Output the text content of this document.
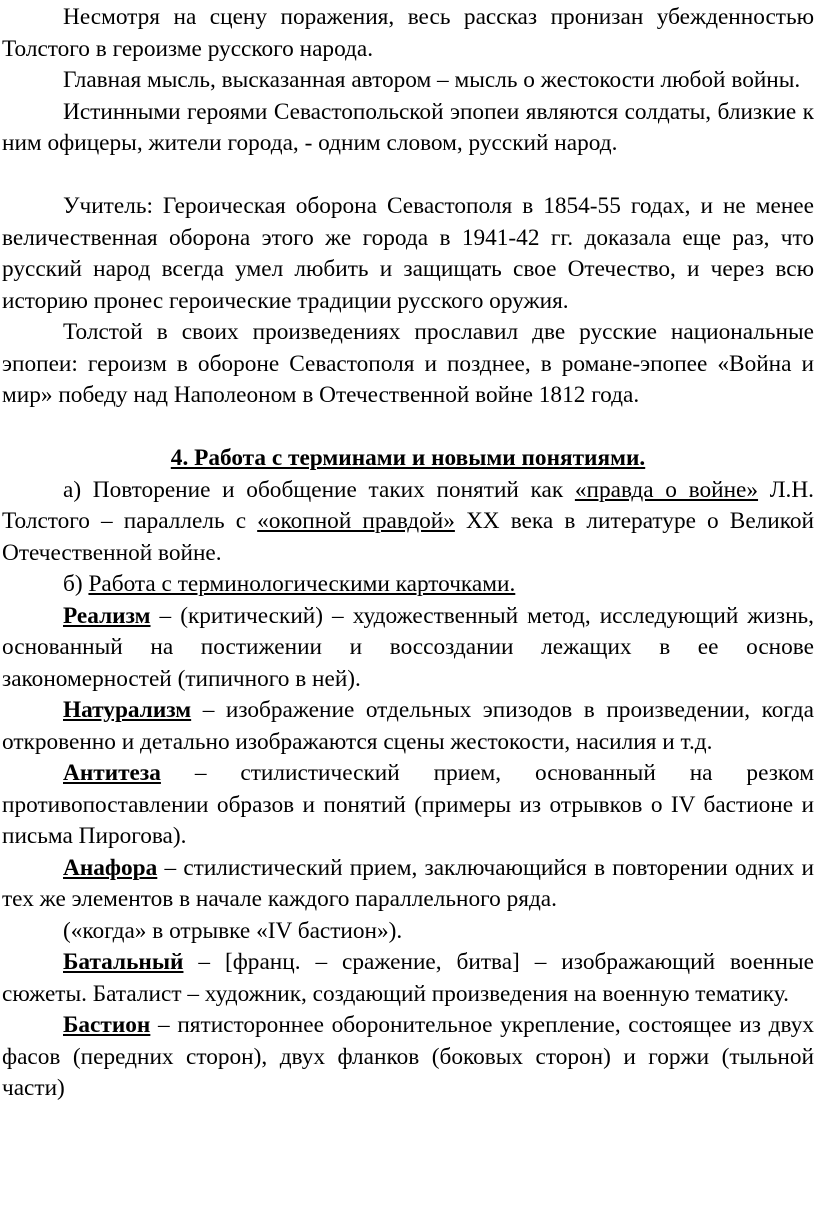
Несмотря на сцену поражения, весь рассказ пронизан убежденностью Толстого в героизме русского народа.

Главная мысль, высказанная автором – мысль о жестокости любой войны.

Истинными героями Севастопольской эпопеи являются солдаты, близкие к ним офицеры, жители города, - одним словом, русский народ.

Учитель: Героическая оборона Севастополя в 1854-55 годах, и не менее величественная оборона этого же города в 1941-42 гг. доказала еще раз, что русский народ всегда умел любить и защищать свое Отечество, и через всю историю пронес героические традиции русского оружия.

Толстой в своих произведениях прославил две русские национальные эпопеи: героизм в обороне Севастополя и позднее, в романе-эпопее «Война и мир» победу над Наполеоном в Отечественной войне 1812 года.

4. Работа с терминами и новыми понятиями.

а) Повторение и обобщение таких понятий как «правда о войне» Л.Н. Толстого – параллель с «окопной правдой» XX века в литературе о Великой Отечественной войне.

б) Работа с терминологическими карточками.

Реализм – (критический) – художественный метод, исследующий жизнь, основанный на постижении и воссоздании лежащих в ее основе закономерностей (типичного в ней).

Натурализм – изображение отдельных эпизодов в произведении, когда откровенно и детально изображаются сцены жестокости, насилия и т.д.

Антитеза – стилистический прием, основанный на резком противопоставлении образов и понятий (примеры из отрывков о IV бастионе и письма Пирогова).

Анафора – стилистический прием, заключающийся в повторении одних и тех же элементов в начале каждого параллельного ряда.

(«когда» в отрывке «IV бастион»).

Батальный – [франц. – сражение, битва] – изображающий военные сюжеты. Баталист – художник, создающий произведения на военную тематику.

Бастион – пятистороннее оборонительное укрепление, состоящее из двух фасов (передних сторон), двух фланков (боковых сторон) и горжи (тыльной части)
